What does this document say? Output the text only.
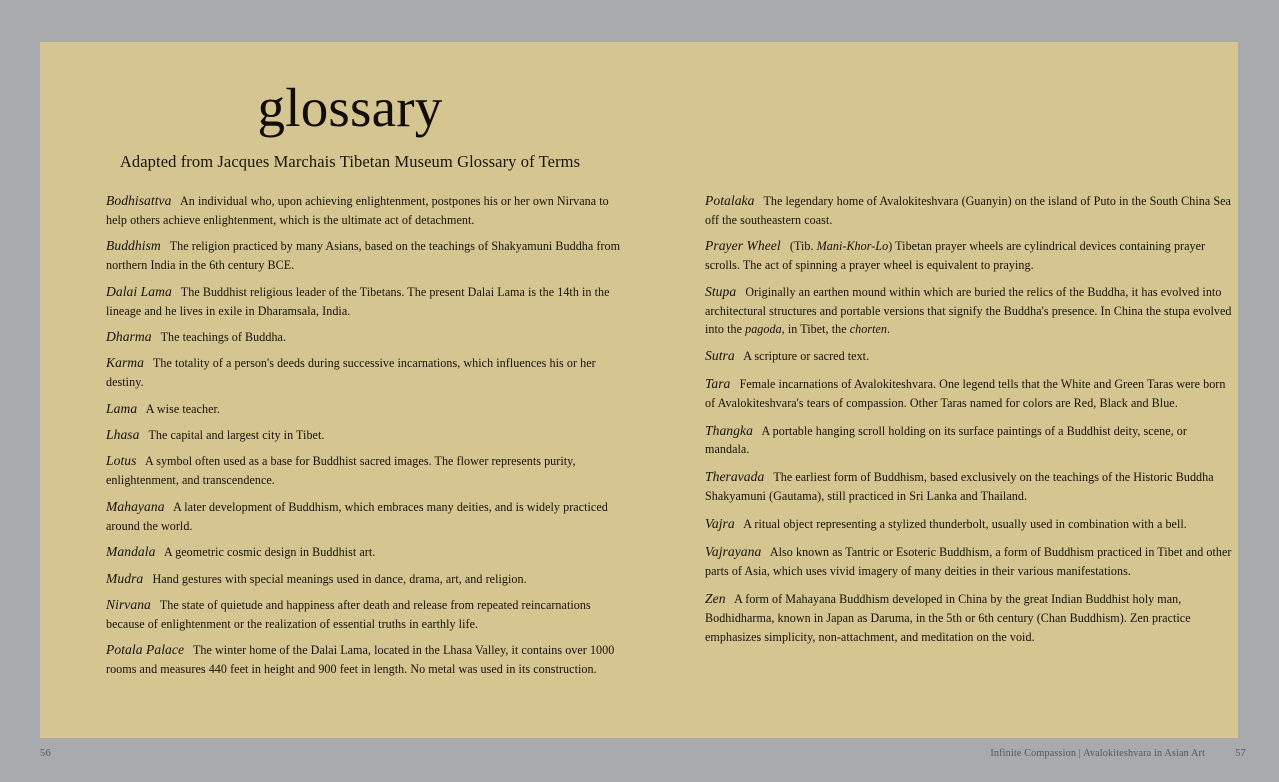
glossary

Adapted from Jacques Marchais Tibetan Museum Glossary of Terms

Bodhisattva  An individual who, upon achieving enlightenment, postpones his or her own Nirvana to help others achieve enlightenment, which is the ultimate act of detachment.

Buddhism  The religion practiced by many Asians, based on the teachings of Shakyamuni Buddha from northern India in the 6th century BCE.

Dalai Lama  The Buddhist religious leader of the Tibetans. The present Dalai Lama is the 14th in the lineage and he lives in exile in Dharamsala, India.

Dharma  The teachings of Buddha.

Karma  The totality of a person's deeds during successive incarnations, which influences his or her destiny.

Lama  A wise teacher.

Lhasa  The capital and largest city in Tibet.

Lotus  A symbol often used as a base for Buddhist sacred images. The flower represents purity, enlightenment, and transcendence.

Mahayana  A later development of Buddhism, which embraces many deities, and is widely practiced around the world.

Mandala  A geometric cosmic design in Buddhist art.

Mudra  Hand gestures with special meanings used in dance, drama, art, and religion.

Nirvana  The state of quietude and happiness after death and release from repeated reincarnations because of enlightenment or the realization of essential truths in earthly life.

Potala Palace  The winter home of the Dalai Lama, located in the Lhasa Valley, it contains over 1000 rooms and measures 440 feet in height and 900 feet in length. No metal was used in its construction.

Potalaka  The legendary home of Avalokiteshvara (Guanyin) on the island of Puto in the South China Sea off the southeastern coast.

Prayer Wheel  (Tib. Mani-Khor-Lo) Tibetan prayer wheels are cylindrical devices containing prayer scrolls. The act of spinning a prayer wheel is equivalent to praying.

Stupa  Originally an earthen mound within which are buried the relics of the Buddha, it has evolved into architectural structures and portable versions that signify the Buddha's presence. In China the stupa evolved into the pagoda, in Tibet, the chorten.

Sutra  A scripture or sacred text.

Tara  Female incarnations of Avalokiteshvara. One legend tells that the White and Green Taras were born of Avalokiteshvara's tears of compassion. Other Taras named for colors are Red, Black and Blue.

Thangka  A portable hanging scroll holding on its surface paintings of a Buddhist deity, scene, or mandala.

Theravada  The earliest form of Buddhism, based exclusively on the teachings of the Historic Buddha Shakyamuni (Gautama), still practiced in Sri Lanka and Thailand.

Vajra  A ritual object representing a stylized thunderbolt, usually used in combination with a bell.

Vajrayana  Also known as Tantric or Esoteric Buddhism, a form of Buddhism practiced in Tibet and other parts of Asia, which uses vivid imagery of many deities in their various manifestations.

Zen  A form of Mahayana Buddhism developed in China by the great Indian Buddhist holy man, Bodhidharma, known in Japan as Daruma, in the 5th or 6th century (Chan Buddhism). Zen practice emphasizes simplicity, non-attachment, and meditation on the void.

56	Infinite Compassion | Avalokiteshvara in Asian Art	57
